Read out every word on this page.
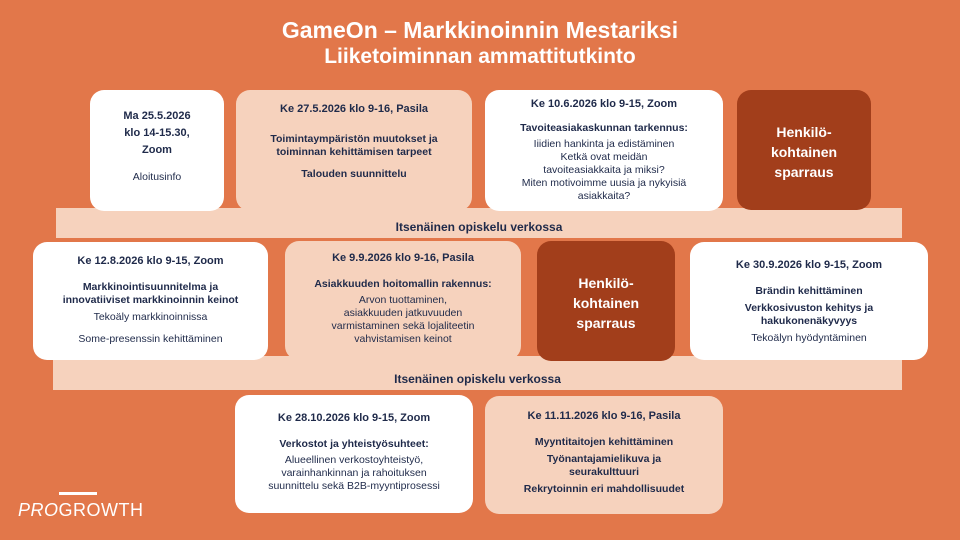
GameOn – Markkinoinnin Mestariksi
Liiketoiminnan ammattitutkinto
Itsenäinen opiskelu verkossa
Itsenäinen opiskelu verkossa
Ma 25.5.2026
klo 14-15.30,
Zoom
Aloitusinfo
Ke 27.5.2026 klo 9-16, Pasila
Toimintaympäristön muutokset ja
toiminnan kehittämisen tarpeet
Talouden suunnittelu
Ke 10.6.2026 klo 9-15, Zoom
Tavoiteasiakaskunnan tarkennus:
Iiidien hankinta ja edistäminen
Ketkä ovat meidän
tavoiteasiakkaita ja miksi?
Miten motivoimme uusia ja nykyisiä
asiakkaita?
Henkilö-
kohtainen
sparraus
Ke 12.8.2026 klo 9-15, Zoom
Markkinointisuunnitelma ja
innovatiiviset markkinoinnin keinot
Tekoäly markkinoinnissa
Some-presenssin kehittäminen
Ke 9.9.2026 klo 9-16, Pasila
Asiakkuuden hoitomallin rakennus:
Arvon tuottaminen,
asiakkuuden jatkuvuuden
varmistaminen sekä lojaliteetin
vahvistamisen keinot
Henkilö-
kohtainen
sparraus
Ke 30.9.2026 klo 9-15, Zoom
Brändin kehittäminen
Verkkosivuston kehitys ja
hakukonenäkyvyys
Tekoälyn hyödyntäminen
Ke 28.10.2026 klo 9-15, Zoom
Verkostot ja yhteistyösuhteet:
Alueellinen verkostoyhteistyö,
varainhankinnan ja rahoituksen
suunnittelu sekä B2B-myyntiprosessi
Ke 11.11.2026 klo 9-16, Pasila
Myyntitaitojen kehittäminen
Työnantajamielikuva ja
seurakulttuuri
Rekrytoinnin eri mahdollisuudet
PROGROWTH
